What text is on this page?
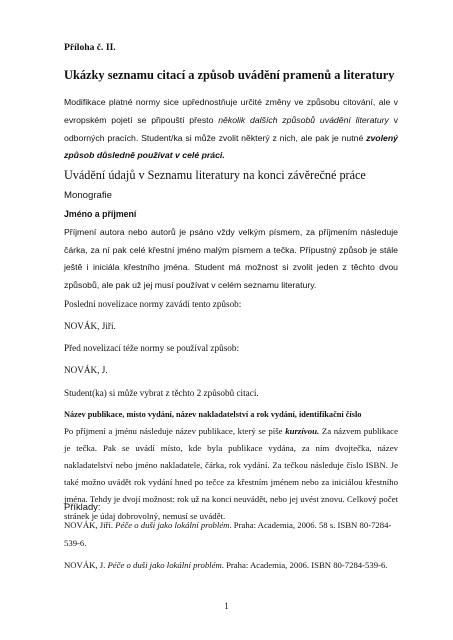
Příloha č. II.

Ukázky seznamu citací a způsob uvádění pramenů a literatury

Modifikace platné normy sice upřednostňuje určité změny ve způsobu citování, ale v evropském pojetí se připouští přesto několik dalších způsobů uvádění literatury v odborných pracích. Student/ka si může zvolit některý z nich, ale pak je nutné zvolený způsob důsledně používat v celé práci.

Uvádění údajů v Seznamu literatury na konci závěrečné práce

Monografie

Jméno a příjmení

Příjmení autora nebo autorů je psáno vždy velkým písmem, za příjmením následuje čárka, za ní pak celé křestní jméno malým písmem a tečka. Přípustný způsob je stále ještě i iniciála křestního jména. Student má možnost si zvolit jeden z těchto dvou způsobů, ale pak už jej musí používat v celém seznamu literatury.

Poslední novelizace normy zavádí tento způsob:

NOVÁK, Jiří.

Před novelizací téže normy se používal způsob:

NOVÁK, J.

Student(ka) si může vybrat z těchto 2 způsobů citací.

Název publikace, místo vydání, název nakladatelství a rok vydání, identifikační číslo

Po příjmení a jménu následuje název publikace, který se píše kurzívou. Za názvem publikace je tečka. Pak se uvádí místo, kde byla publikace vydána, za ním dvojtečka, název nakladatelství nebo jméno nakladatele, čárka, rok vydání. Za tečkou následuje číslo ISBN. Je také možno uvádět rok vydání hned po tečce za křestním jménem nebo za iniciálou křestního jména. Tehdy je dvojí možnost: rok už na konci neuvádět, nebo jej uvést znovu. Celkový počet stránek je údaj dobrovolný, nemusí se uvádět.

Příklady:

NOVÁK, Jiří. Péče o duši jako lokální problém. Praha: Academia, 2006. 58 s. ISBN 80-7284-539-6.

NOVÁK, J. Péče o duši jako lokální problém. Praha: Academia, 2006. ISBN 80-7284-539-6.

1
